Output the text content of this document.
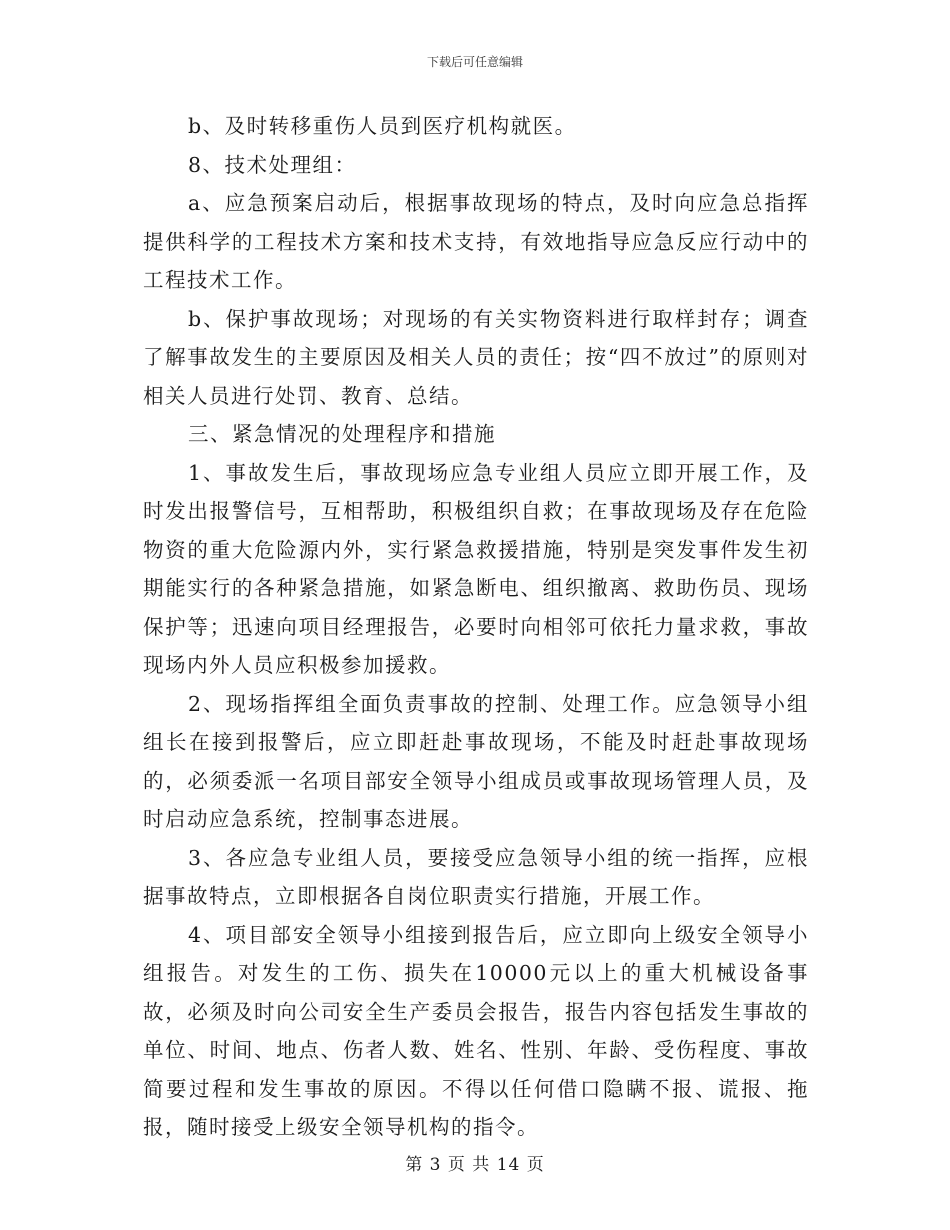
下载后可任意编辑

b、及时转移重伤人员到医疗机构就医。

8、技术处理组：

a、应急预案启动后，根据事故现场的特点，及时向应急总指挥提供科学的工程技术方案和技术支持，有效地指导应急反应行动中的工程技术工作。

b、保护事故现场；对现场的有关实物资料进行取样封存；调查了解事故发生的主要原因及相关人员的责任；按“四不放过”的原则对相关人员进行处罚、教育、总结。

三、紧急情况的处理程序和措施

1、事故发生后，事故现场应急专业组人员应立即开展工作，及时发出报警信号，互相帮助，积极组织自救；在事故现场及存在危险物资的重大危险源内外，实行紧急救援措施，特别是突发事件发生初期能实行的各种紧急措施，如紧急断电、组织撤离、救助伤员、现场保护等；迅速向项目经理报告，必要时向相邻可依托力量求救，事故现场内外人员应积极参加援救。

2、现场指挥组全面负责事故的控制、处理工作。应急领导小组组长在接到报警后，应立即赶赴事故现场，不能及时赶赴事故现场的，必须委派一名项目部安全领导小组成员或事故现场管理人员，及时启动应急系统，控制事态进展。

3、各应急专业组人员，要接受应急领导小组的统一指挥，应根据事故特点，立即根据各自岗位职责实行措施，开展工作。

4、项目部安全领导小组接到报告后，应立即向上级安全领导小组报告。对发生的工伤、损失在10000元以上的重大机械设备事故，必须及时向公司安全生产委员会报告，报告内容包括发生事故的单位、时间、地点、伤者人数、姓名、性别、年龄、受伤程度、事故简要过程和发生事故的原因。不得以任何借口隐瞒不报、谎报、拖报，随时接受上级安全领导机构的指令。

第 3 页 共 14 页
